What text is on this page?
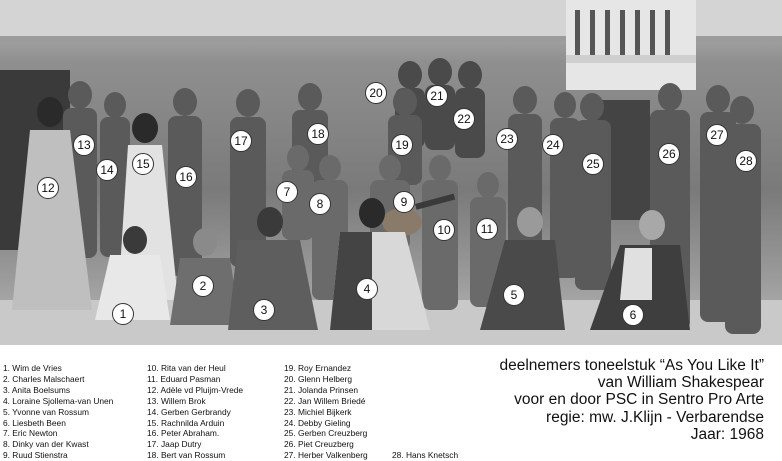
1
2
3
4	5
6
7
8	9
10	11
12
13
14	15
16
17	18
19
20	21
22
23	24
25
26
27
28
1. Wim de Vries
2. Charles Malschaert
3. Anita Boelsums
4. Loraine Sjollema-van Unen
5. Yvonne van Rossum
6. Liesbeth Been
7. Eric Newton
8. Dinky van der Kwast
9. Ruud Stienstra
10. Rita van der Heul
11. Eduard Pasman
12. Adèle vd Pluijm-Vrede
13. Willem Brok
14. Gerben Gerbrandy
15. Rachnilda Arduin
16. Peter Abraham.
17. Jaap Dutry
18. Bert van Rossum
19. Roy Ernandez
20. Glenn Helberg
21. Jolanda Prinsen
22. Jan Willem Briedé
23. Michiel Bijkerk
24. Debby Gieling
25. Gerben Creuzberg
26. Piet Creuzberg
27. Herber Valkenberg	28. Hans Knetsch
deelnemers toneelstuk “As You Like It”
van William Shakespear
voor en door PSC in Sentro Pro Arte
regie: mw. J.Klijn - Verbarendse
Jaar: 1968
